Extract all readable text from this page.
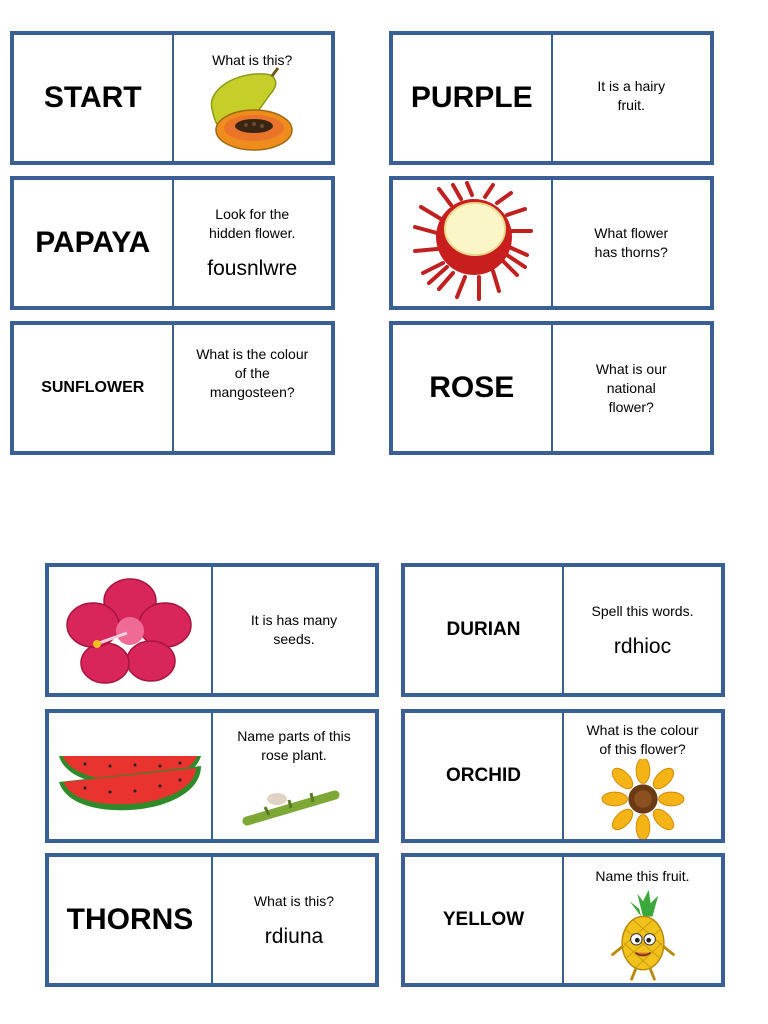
START
What is this?
PAPAYA
Look for the
hidden flower.
fousnlwre
SUNFLOWER
What is the colour
of the
mangosteen?
PURPLE	It is a hairy
fruit.
What flower
has thorns?
ROSE
What is our
national
flower?
It is has many
seeds.
Name parts of this
rose plant.
THORNS
What is this?
rdiuna
DURIAN
Spell this words.
rdhioc
ORCHID
What is the colour
of this flower?
YELLOW
Name this fruit.
